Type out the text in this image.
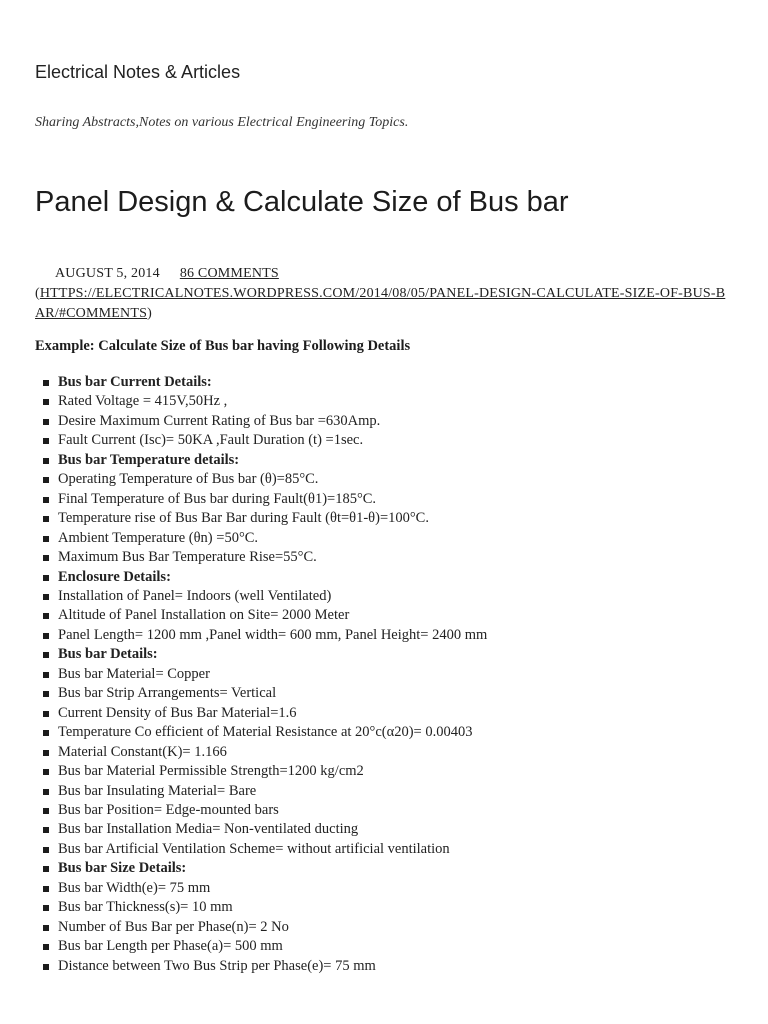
Electrical Notes & Articles

Sharing Abstracts,Notes on various Electrical Engineering Topics.

Panel Design & Calculate Size of Bus bar
AUGUST 5, 2014 86 COMMENTS
(HTTPS://ELECTRICALNOTES.WORDPRESS.COM/2014/08/05/PANEL-DESIGN-CALCULATE-SIZE-OF-BUS-BAR/#COMMENTS)

Example: Calculate Size of Bus bar having Following Details

Bus bar Current Details:
Rated Voltage = 415V,50Hz ,
Desire Maximum Current Rating of Bus bar =630Amp.
Fault Current (Isc)= 50KA ,Fault Duration (t) =1sec.
Bus bar Temperature details:
Operating Temperature of Bus bar (θ)=85°C.
Final Temperature of Bus bar during Fault(θ1)=185°C.
Temperature rise of Bus Bar Bar during Fault (θt=θ1-θ)=100°C.
Ambient Temperature (θn) =50°C.
Maximum Bus Bar Temperature Rise=55°C.
Enclosure Details:
Installation of Panel= Indoors (well Ventilated)
Altitude of Panel Installation on Site= 2000 Meter
Panel Length= 1200 mm ,Panel width= 600 mm, Panel Height= 2400 mm
Bus bar Details:
Bus bar Material= Copper
Bus bar Strip Arrangements= Vertical
Current Density of Bus Bar Material=1.6
Temperature Co efficient of Material Resistance at 20°c(α20)= 0.00403
Material Constant(K)= 1.166
Bus bar Material Permissible Strength=1200 kg/cm2
Bus bar Insulating Material= Bare
Bus bar Position= Edge-mounted bars
Bus bar Installation Media= Non-ventilated ducting
Bus bar Artificial Ventilation Scheme= without artificial ventilation
Bus bar Size Details:
Bus bar Width(e)= 75 mm
Bus bar Thickness(s)= 10 mm
Number of Bus Bar per Phase(n)= 2 No
Bus bar Length per Phase(a)= 500 mm
Distance between Two Bus Strip per Phase(e)= 75 mm
